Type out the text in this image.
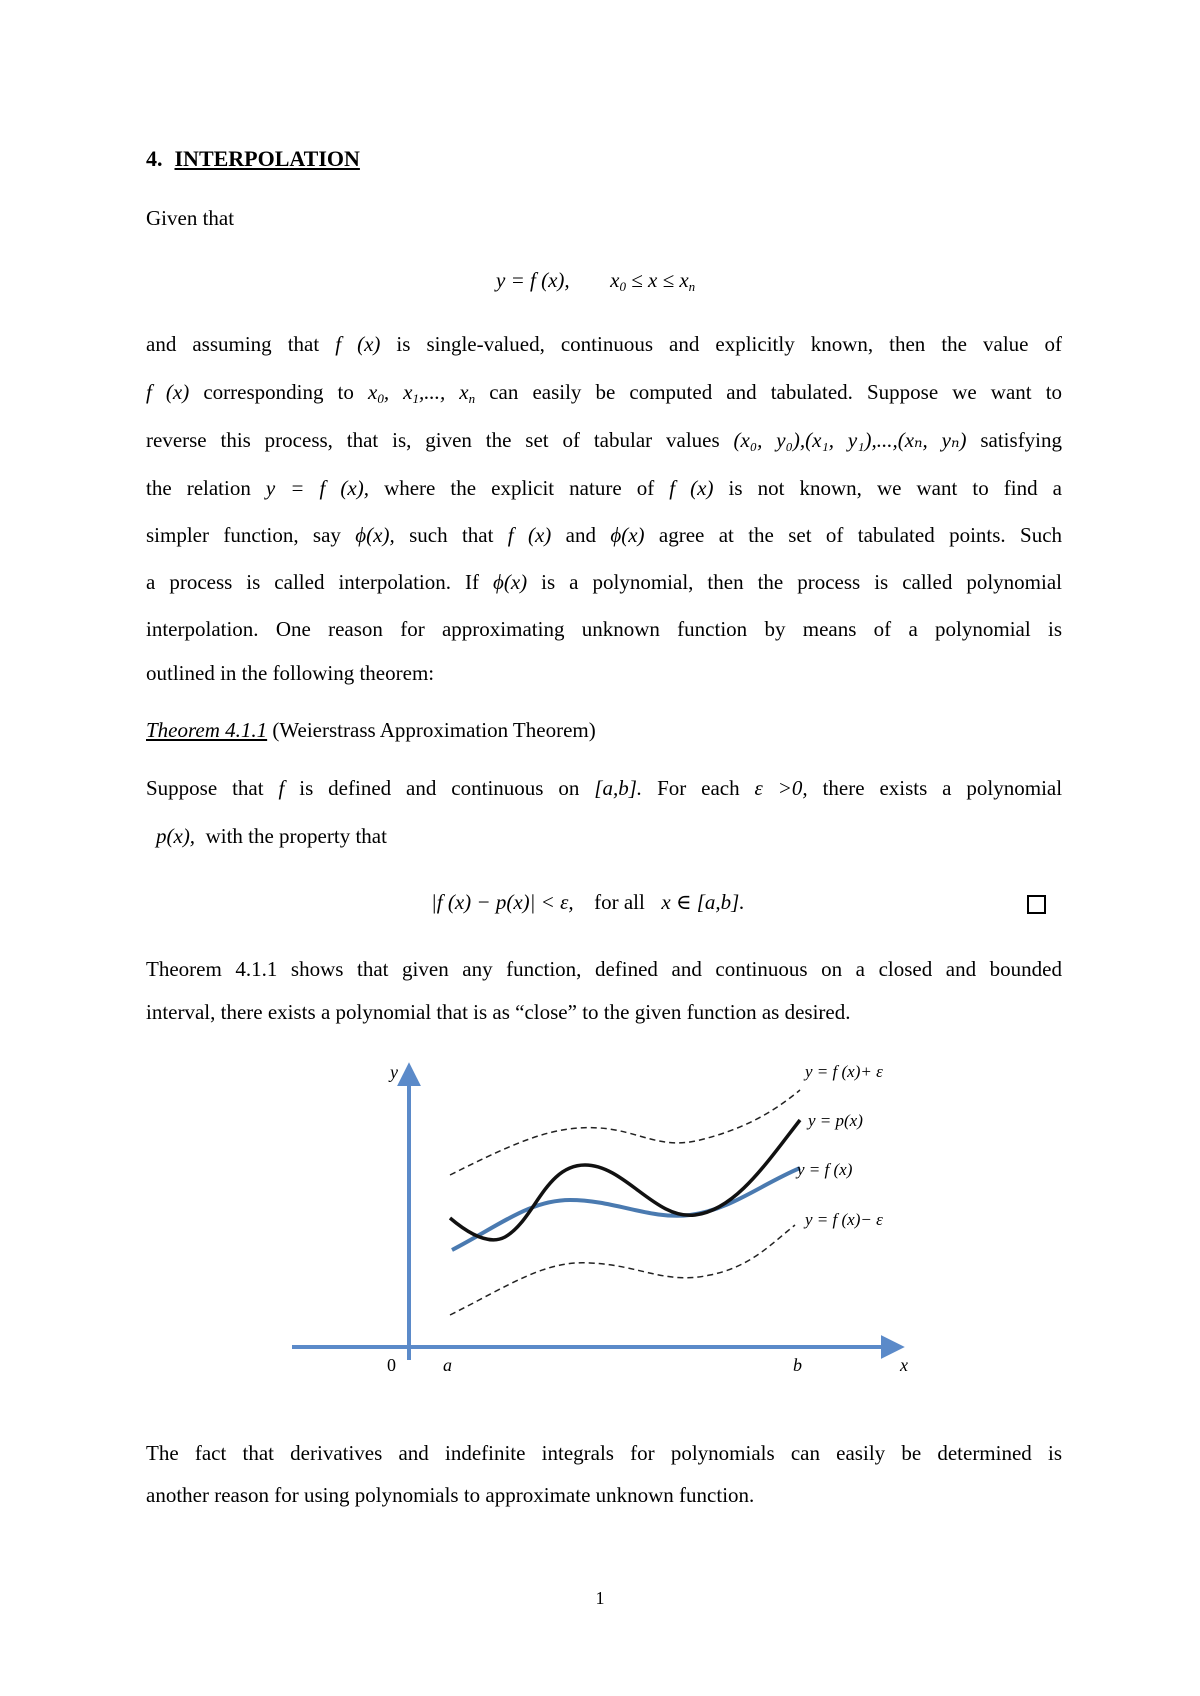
4. INTERPOLATION
Given that
y = f (x), $x_0 \le x \le x_n$
and assuming that f (x) is single-valued, continuous and explicitly known, then the value of
f (x) corresponding to $x_0$, $x_1$,..., $x_n$ can easily be computed and tabulated. Suppose we want to
reverse this process, that is, given the set of tabular values (x₀, y₀),(x₁, y₁),...,(xₙ, yₙ) satisfying
the relation y = f (x), where the explicit nature of f (x) is not known, we want to find a
simpler function, say ϕ(x), such that f (x) and ϕ(x) agree at the set of tabulated points. Such
a process is called interpolation. If ϕ(x) is a polynomial, then the process is called polynomial
interpolation. One reason for approximating unknown function by means of a polynomial is
outlined in the following theorem:
Theorem 4.1.1 (Weierstrass Approximation Theorem)
Suppose that f is defined and continuous on [a,b]. For each ε >0, there exists a polynomial
p(x), with the property that
|f (x) − p(x)| < ε, for all x ∈ [a,b].
Theorem 4.1.1 shows that given any function, defined and continuous on a closed and bounded
interval, there exists a polynomial that is as “close” to the given function as desired.
y
x
0	a	b
y = f (x)+ ε
y = p(x)
y = f (x)
y = f (x)− ε
The fact that derivatives and indefinite integrals for polynomials can easily be determined is
another reason for using polynomials to approximate unknown function.
1
